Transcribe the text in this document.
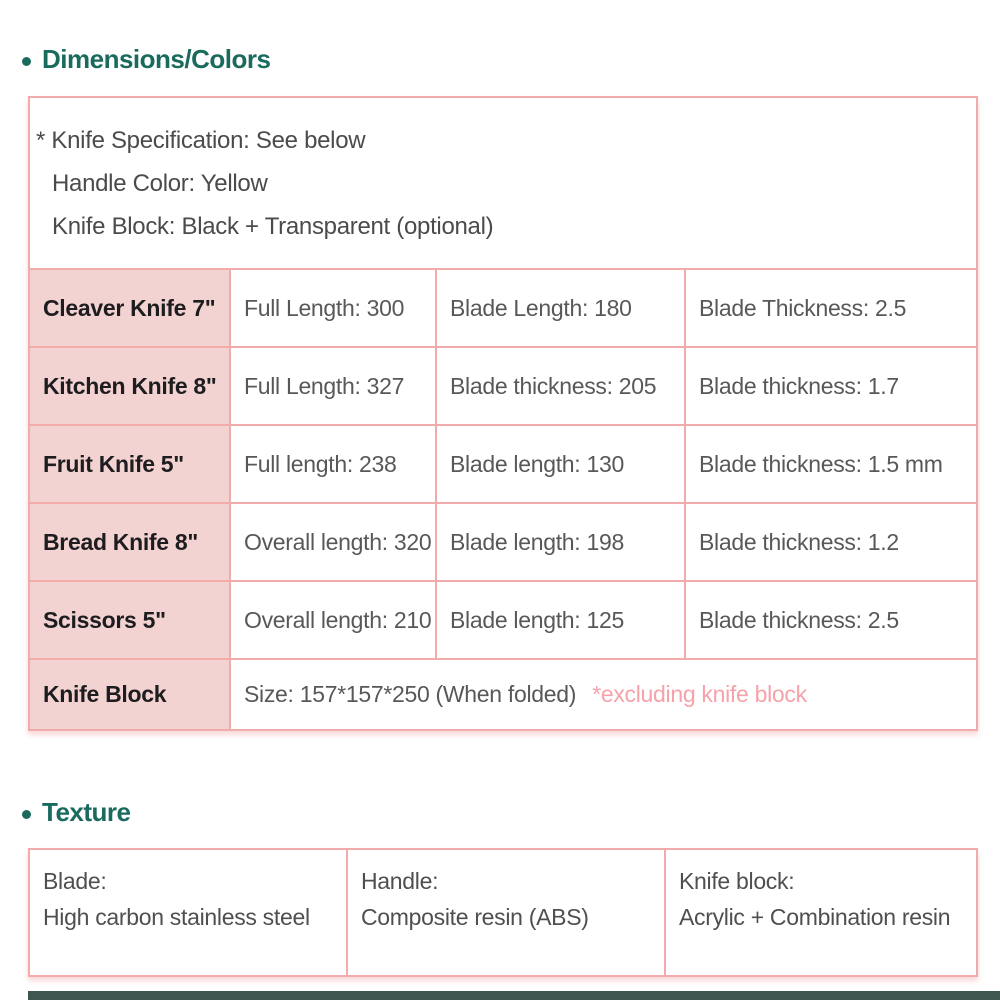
Dimensions/Colors
* Knife Specification: See below
Handle Color: Yellow
Knife Block: Black + Transparent (optional)			

Cleaver Knife 7"	Full Length: 300	Blade Length: 180	Blade Thickness: 2.5
Kitchen Knife 8"	Full Length: 327	Blade thickness: 205	Blade thickness: 1.7
Fruit Knife 5"	Full length: 238	Blade length: 130	Blade thickness: 1.5 mm
Bread Knife 8"	Overall length: 320	Blade length: 198	Blade thickness: 1.2
Scissors 5"	Overall length: 210	Blade length: 125	Blade thickness: 2.5
Knife Block	Size: 157*157*250 (When folded) *excluding knife block		
Texture
Blade:
High carbon stainless steel

Handle:
Composite resin (ABS)

Knife block:
Acrylic + Combination resin
